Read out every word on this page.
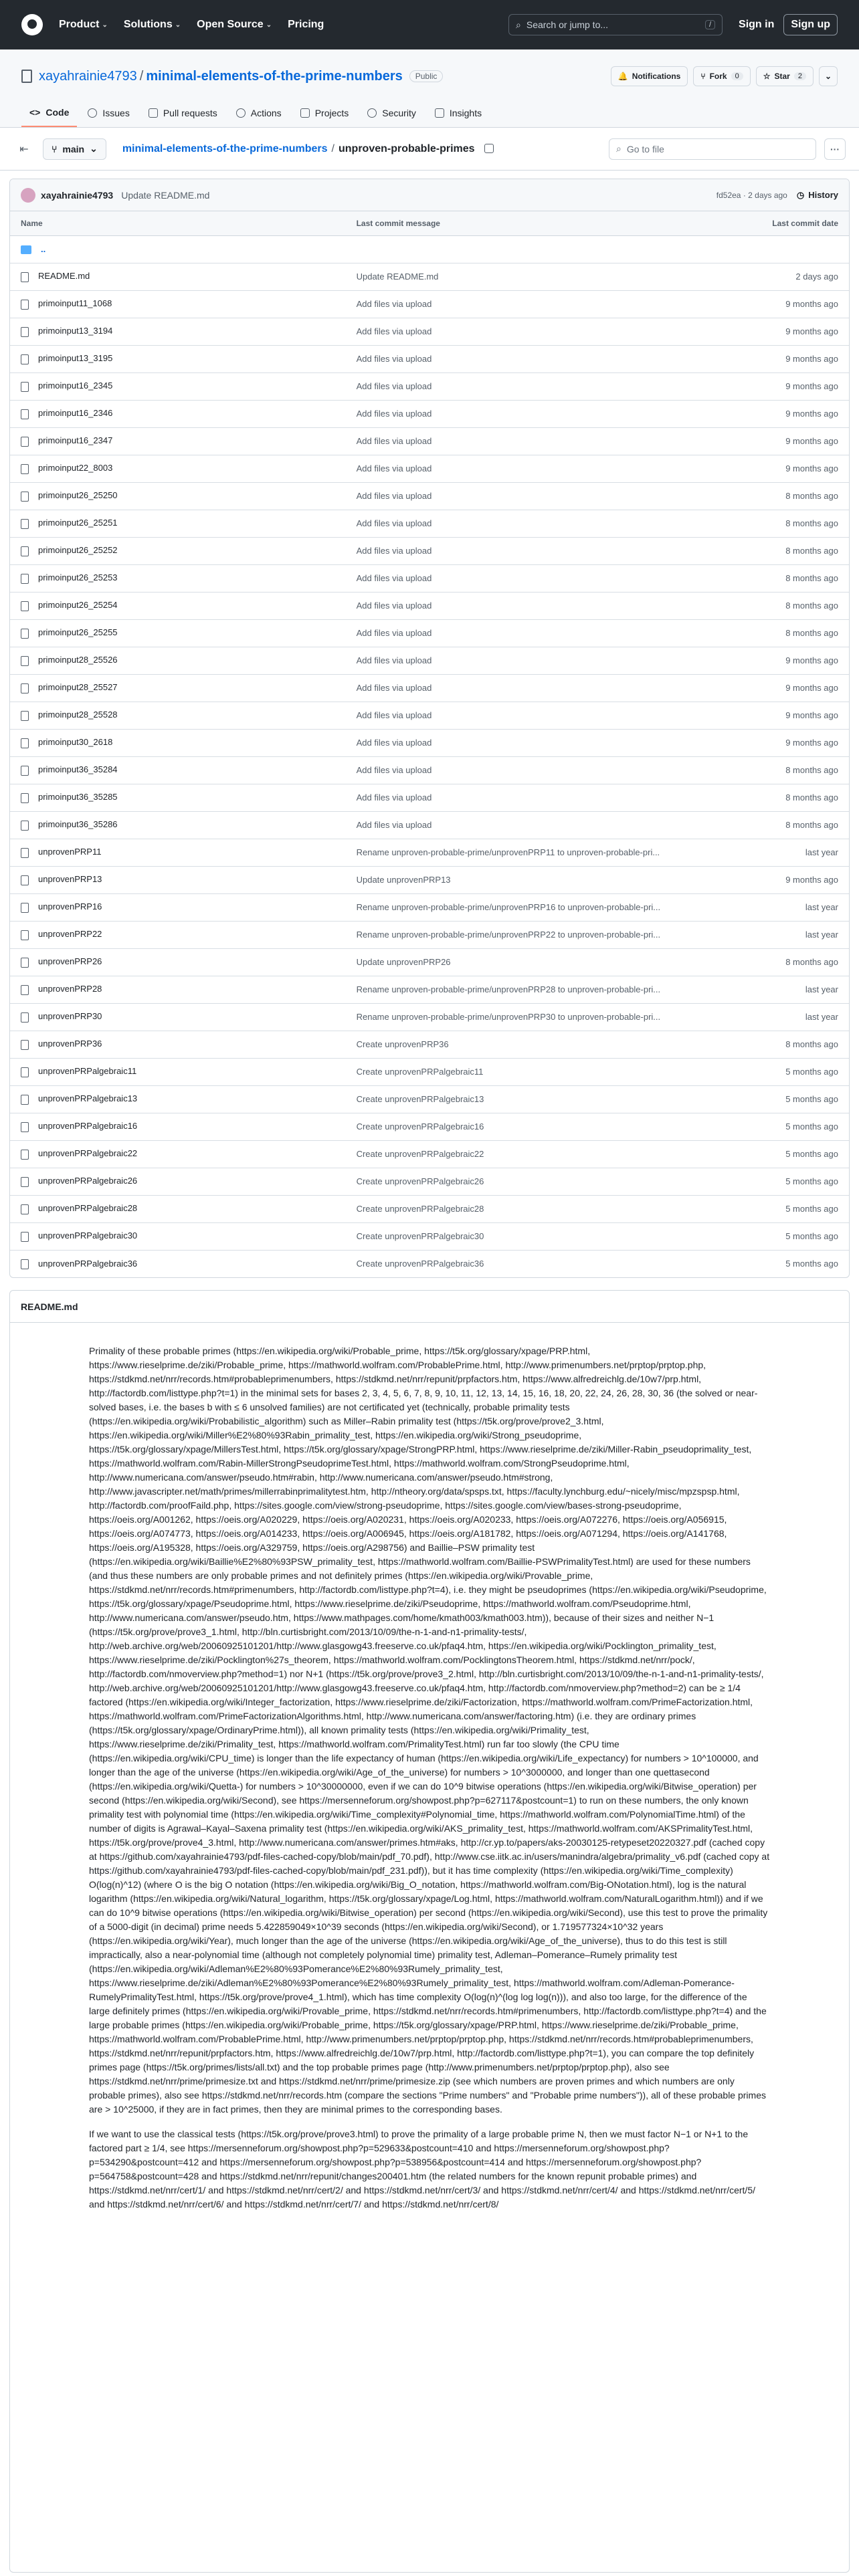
Product ⌄ Solutions ⌄ Open Source ⌄ Pricing	⌕ Search or jump to...	/	Sign in	Sign up
xayahrainie4793 / minimal-elements-of-the-prime-numbers	Public	🔔 Notifications	⑂ Fork	0	☆ Star	2	⌄
<> Code	Issues	Pull requests	Actions	Projects	Security	Insights
⇤	⑂ main ⌄ minimal-elements-of-the-prime-numbers / unproven-probable-primes	⌕ Go to file	···
xayahrainie4793 Update README.md	fd52ea · 2 days ago ◷ History
Name	Last commit message	Last commit date
..		
README.md	Update README.md	2 days ago
primoinput11_1068	Add files via upload	9 months ago
primoinput13_3194	Add files via upload	9 months ago
primoinput13_3195	Add files via upload	9 months ago
primoinput16_2345	Add files via upload	9 months ago
primoinput16_2346	Add files via upload	9 months ago
primoinput16_2347	Add files via upload	9 months ago
primoinput22_8003	Add files via upload	9 months ago
primoinput26_25250	Add files via upload	8 months ago
primoinput26_25251	Add files via upload	8 months ago
primoinput26_25252	Add files via upload	8 months ago
primoinput26_25253	Add files via upload	8 months ago
primoinput26_25254	Add files via upload	8 months ago
primoinput26_25255	Add files via upload	8 months ago
primoinput28_25526	Add files via upload	9 months ago
primoinput28_25527	Add files via upload	9 months ago
primoinput28_25528	Add files via upload	9 months ago
primoinput30_2618	Add files via upload	9 months ago
primoinput36_35284	Add files via upload	8 months ago
primoinput36_35285	Add files via upload	8 months ago
primoinput36_35286	Add files via upload	8 months ago
unprovenPRP11	Rename unproven-probable-prime/unprovenPRP11 to unproven-probable-pri...	last year
unprovenPRP13	Update unprovenPRP13	9 months ago
unprovenPRP16	Rename unproven-probable-prime/unprovenPRP16 to unproven-probable-pri...	last year
unprovenPRP22	Rename unproven-probable-prime/unprovenPRP22 to unproven-probable-pri...	last year
unprovenPRP26	Update unprovenPRP26	8 months ago
unprovenPRP28	Rename unproven-probable-prime/unprovenPRP28 to unproven-probable-pri...	last year
unprovenPRP30	Rename unproven-probable-prime/unprovenPRP30 to unproven-probable-pri...	last year
unprovenPRP36	Create unprovenPRP36	8 months ago
unprovenPRPalgebraic11	Create unprovenPRPalgebraic11	5 months ago
unprovenPRPalgebraic13	Create unprovenPRPalgebraic13	5 months ago
unprovenPRPalgebraic16	Create unprovenPRPalgebraic16	5 months ago
unprovenPRPalgebraic22	Create unprovenPRPalgebraic22	5 months ago
unprovenPRPalgebraic26	Create unprovenPRPalgebraic26	5 months ago
unprovenPRPalgebraic28	Create unprovenPRPalgebraic28	5 months ago
unprovenPRPalgebraic30	Create unprovenPRPalgebraic30	5 months ago
unprovenPRPalgebraic36	Create unprovenPRPalgebraic36	5 months ago
README.md

Primality of these probable primes (https://en.wikipedia.org/wiki/Probable_prime, https://t5k.org/glossary/xpage/PRP.html, https://www.rieselprime.de/ziki/Probable_prime, https://mathworld.wolfram.com/ProbablePrime.html, http://www.primenumbers.net/prptop/prptop.php, https://stdkmd.net/nrr/records.htm#probableprimenumbers, https://stdkmd.net/nrr/repunit/prpfactors.htm, https://www.alfredreichlg.de/10w7/prp.html, http://factordb.com/listtype.php?t=1) in the minimal sets for bases 2, 3, 4, 5, 6, 7, 8, 9, 10, 11, 12, 13, 14, 15, 16, 18, 20, 22, 24, 26, 28, 30, 36 (the solved or near-solved bases, i.e. the bases b with ≤ 6 unsolved families) are not certificated yet (technically, probable primality tests (https://en.wikipedia.org/wiki/Probabilistic_algorithm) such as Miller–Rabin primality test (https://t5k.org/prove/prove2_3.html, https://en.wikipedia.org/wiki/Miller%E2%80%93Rabin_primality_test, https://en.wikipedia.org/wiki/Strong_pseudoprime, https://t5k.org/glossary/xpage/MillersTest.html, https://t5k.org/glossary/xpage/StrongPRP.html, https://www.rieselprime.de/ziki/Miller-Rabin_pseudoprimality_test, https://mathworld.wolfram.com/Rabin-MillerStrongPseudoprimeTest.html, https://mathworld.wolfram.com/StrongPseudoprime.html, http://www.numericana.com/answer/pseudo.htm#rabin, http://www.numericana.com/answer/pseudo.htm#strong, http://www.javascripter.net/math/primes/millerrabinprimalitytest.htm, http://ntheory.org/data/spsps.txt, https://faculty.lynchburg.edu/~nicely/misc/mpzspsp.html, http://factordb.com/proofFaild.php, https://sites.google.com/view/strong-pseudoprime, https://sites.google.com/view/bases-strong-pseudoprime, https://oeis.org/A001262, https://oeis.org/A020229, https://oeis.org/A020231, https://oeis.org/A020233, https://oeis.org/A072276, https://oeis.org/A056915, https://oeis.org/A074773, https://oeis.org/A014233, https://oeis.org/A006945, https://oeis.org/A181782, https://oeis.org/A071294, https://oeis.org/A141768, https://oeis.org/A195328, https://oeis.org/A329759, https://oeis.org/A298756) and Baillie–PSW primality test (https://en.wikipedia.org/wiki/Baillie%E2%80%93PSW_primality_test, https://mathworld.wolfram.com/Baillie-PSWPrimalityTest.html) are used for these numbers (and thus these numbers are only probable primes and not definitely primes (https://en.wikipedia.org/wiki/Provable_prime, https://stdkmd.net/nrr/records.htm#primenumbers, http://factordb.com/listtype.php?t=4), i.e. they might be pseudoprimes (https://en.wikipedia.org/wiki/Pseudoprime, https://t5k.org/glossary/xpage/Pseudoprime.html, https://www.rieselprime.de/ziki/Pseudoprime, https://mathworld.wolfram.com/Pseudoprime.html, http://www.numericana.com/answer/pseudo.htm, https://www.mathpages.com/home/kmath003/kmath003.htm)), because of their sizes and neither N−1 (https://t5k.org/prove/prove3_1.html, http://bln.curtisbright.com/2013/10/09/the-n-1-and-n1-primality-tests/, http://web.archive.org/web/20060925101201/http://www.glasgowg43.freeserve.co.uk/pfaq4.htm, https://en.wikipedia.org/wiki/Pocklington_primality_test, https://www.rieselprime.de/ziki/Pocklington%27s_theorem, https://mathworld.wolfram.com/PocklingtonsTheorem.html, https://stdkmd.net/nrr/pock/, http://factordb.com/nmoverview.php?method=1) nor N+1 (https://t5k.org/prove/prove3_2.html, http://bln.curtisbright.com/2013/10/09/the-n-1-and-n1-primality-tests/, http://web.archive.org/web/20060925101201/http://www.glasgowg43.freeserve.co.uk/pfaq4.htm, http://factordb.com/nmoverview.php?method=2) can be ≥ 1/4 factored (https://en.wikipedia.org/wiki/Integer_factorization, https://www.rieselprime.de/ziki/Factorization, https://mathworld.wolfram.com/PrimeFactorization.html, https://mathworld.wolfram.com/PrimeFactorizationAlgorithms.html, http://www.numericana.com/answer/factoring.htm) (i.e. they are ordinary primes (https://t5k.org/glossary/xpage/OrdinaryPrime.html)), all known primality tests (https://en.wikipedia.org/wiki/Primality_test, https://www.rieselprime.de/ziki/Primality_test, https://mathworld.wolfram.com/PrimalityTest.html) run far too slowly (the CPU time (https://en.wikipedia.org/wiki/CPU_time) is longer than the life expectancy of human (https://en.wikipedia.org/wiki/Life_expectancy) for numbers > 10^100000, and longer than the age of the universe (https://en.wikipedia.org/wiki/Age_of_the_universe) for numbers > 10^3000000, and longer than one quettasecond (https://en.wikipedia.org/wiki/Quetta-) for numbers > 10^30000000, even if we can do 10^9 bitwise operations (https://en.wikipedia.org/wiki/Bitwise_operation) per second (https://en.wikipedia.org/wiki/Second), see https://mersenneforum.org/showpost.php?p=627117&postcount=1) to run on these numbers, the only known primality test with polynomial time (https://en.wikipedia.org/wiki/Time_complexity#Polynomial_time, https://mathworld.wolfram.com/PolynomialTime.html) of the number of digits is Agrawal–Kayal–Saxena primality test (https://en.wikipedia.org/wiki/AKS_primality_test, https://mathworld.wolfram.com/AKSPrimalityTest.html, https://t5k.org/prove/prove4_3.html, http://www.numericana.com/answer/primes.htm#aks, http://cr.yp.to/papers/aks-20030125-retypeset20220327.pdf (cached copy at https://github.com/xayahrainie4793/pdf-files-cached-copy/blob/main/pdf_70.pdf), http://www.cse.iitk.ac.in/users/manindra/algebra/primality_v6.pdf (cached copy at https://github.com/xayahrainie4793/pdf-files-cached-copy/blob/main/pdf_231.pdf)), but it has time complexity (https://en.wikipedia.org/wiki/Time_complexity) O(log(n)^12) (where O is the big O notation (https://en.wikipedia.org/wiki/Big_O_notation, https://mathworld.wolfram.com/Big-ONotation.html), log is the natural logarithm (https://en.wikipedia.org/wiki/Natural_logarithm, https://t5k.org/glossary/xpage/Log.html, https://mathworld.wolfram.com/NaturalLogarithm.html)) and if we can do 10^9 bitwise operations (https://en.wikipedia.org/wiki/Bitwise_operation) per second (https://en.wikipedia.org/wiki/Second), use this test to prove the primality of a 5000-digit (in decimal) prime needs 5.422859049×10^39 seconds (https://en.wikipedia.org/wiki/Second), or 1.719577324×10^32 years (https://en.wikipedia.org/wiki/Year), much longer than the age of the universe (https://en.wikipedia.org/wiki/Age_of_the_universe), thus to do this test is still impractically, also a near-polynomial time (although not completely polynomial time) primality test, Adleman–Pomerance–Rumely primality test (https://en.wikipedia.org/wiki/Adleman%E2%80%93Pomerance%E2%80%93Rumely_primality_test, https://www.rieselprime.de/ziki/Adleman%E2%80%93Pomerance%E2%80%93Rumely_primality_test, https://mathworld.wolfram.com/Adleman-Pomerance-RumelyPrimalityTest.html, https://t5k.org/prove/prove4_1.html), which has time complexity O(log(n)^(log log log(n))), and also too large, for the difference of the large definitely primes (https://en.wikipedia.org/wiki/Provable_prime, https://stdkmd.net/nrr/records.htm#primenumbers, http://factordb.com/listtype.php?t=4) and the large probable primes (https://en.wikipedia.org/wiki/Probable_prime, https://t5k.org/glossary/xpage/PRP.html, https://www.rieselprime.de/ziki/Probable_prime, https://mathworld.wolfram.com/ProbablePrime.html, http://www.primenumbers.net/prptop/prptop.php, https://stdkmd.net/nrr/records.htm#probableprimenumbers, https://stdkmd.net/nrr/repunit/prpfactors.htm, https://www.alfredreichlg.de/10w7/prp.html, http://factordb.com/listtype.php?t=1), you can compare the top definitely primes page (https://t5k.org/primes/lists/all.txt) and the top probable primes page (http://www.primenumbers.net/prptop/prptop.php), also see https://stdkmd.net/nrr/prime/primesize.txt and https://stdkmd.net/nrr/prime/primesize.zip (see which numbers are proven primes and which numbers are only probable primes), also see https://stdkmd.net/nrr/records.htm (compare the sections "Prime numbers" and "Probable prime numbers")), all of these probable primes are > 10^25000, if they are in fact primes, then they are minimal primes to the corresponding bases.

If we want to use the classical tests (https://t5k.org/prove/prove3.html) to prove the primality of a large probable prime N, then we must factor N−1 or N+1 to the factored part ≥ 1/4, see https://mersenneforum.org/showpost.php?p=529633&postcount=410 and https://mersenneforum.org/showpost.php?p=534290&postcount=412 and https://mersenneforum.org/showpost.php?p=538956&postcount=414 and https://mersenneforum.org/showpost.php?p=564758&postcount=428 and https://stdkmd.net/nrr/repunit/changes200401.htm (the related numbers for the known repunit probable primes) and https://stdkmd.net/nrr/cert/1/ and https://stdkmd.net/nrr/cert/2/ and https://stdkmd.net/nrr/cert/3/ and https://stdkmd.net/nrr/cert/4/ and https://stdkmd.net/nrr/cert/5/ and https://stdkmd.net/nrr/cert/6/ and https://stdkmd.net/nrr/cert/7/ and https://stdkmd.net/nrr/cert/8/
